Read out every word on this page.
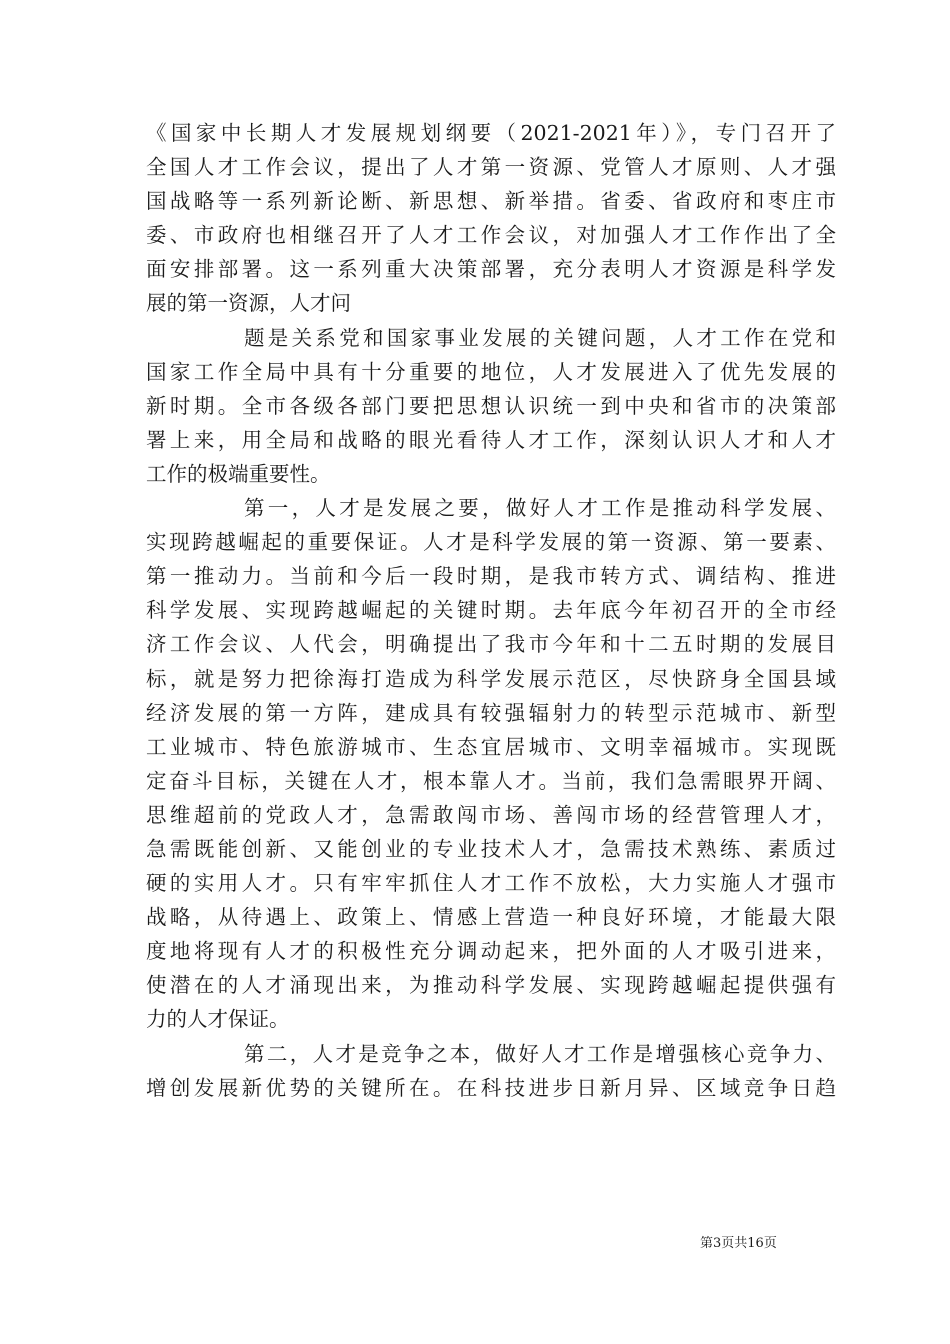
《国家中长期人才发展规划纲要（2021-2021年）》，专门召开了
全国人才工作会议，提出了人才第一资源、党管人才原则、人才强
国战略等一系列新论断、新思想、新举措。省委、省政府和枣庄市
委、市政府也相继召开了人才工作会议，对加强人才工作作出了全
面安排部署。这一系列重大决策部署，充分表明人才资源是科学发
展的第一资源，人才问
题是关系党和国家事业发展的关键问题，人才工作在党和
国家工作全局中具有十分重要的地位，人才发展进入了优先发展的
新时期。全市各级各部门要把思想认识统一到中央和省市的决策部
署上来，用全局和战略的眼光看待人才工作，深刻认识人才和人才
工作的极端重要性。
第一，人才是发展之要，做好人才工作是推动科学发展、
实现跨越崛起的重要保证。人才是科学发展的第一资源、第一要素、
第一推动力。当前和今后一段时期，是我市转方式、调结构、推进
科学发展、实现跨越崛起的关键时期。去年底今年初召开的全市经
济工作会议、人代会，明确提出了我市今年和十二五时期的发展目
标，就是努力把徐海打造成为科学发展示范区，尽快跻身全国县域
经济发展的第一方阵，建成具有较强辐射力的转型示范城市、新型
工业城市、特色旅游城市、生态宜居城市、文明幸福城市。实现既
定奋斗目标，关键在人才，根本靠人才。当前，我们急需眼界开阔、
思维超前的党政人才，急需敢闯市场、善闯市场的经营管理人才，
急需既能创新、又能创业的专业技术人才，急需技术熟练、素质过
硬的实用人才。只有牢牢抓住人才工作不放松，大力实施人才强市
战略，从待遇上、政策上、情感上营造一种良好环境，才能最大限
度地将现有人才的积极性充分调动起来，把外面的人才吸引进来，
使潜在的人才涌现出来，为推动科学发展、实现跨越崛起提供强有
力的人才保证。
第二，人才是竞争之本，做好人才工作是增强核心竞争力、
增创发展新优势的关键所在。在科技进步日新月异、区域竞争日趋
第3页共16页
